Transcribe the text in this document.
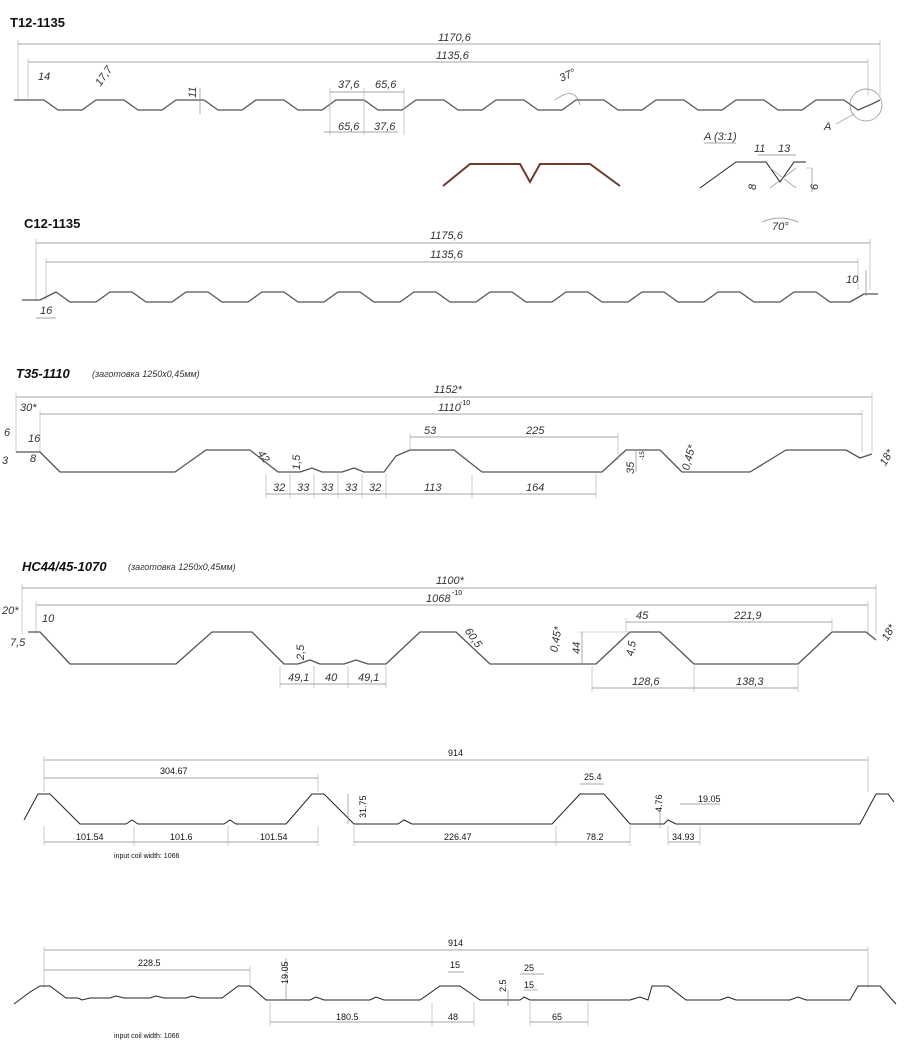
T12-1135
1170,6
1135,6
14	17,7
11
37,6 65,6
65,6 37,6
37°
A
A (3:1)
11 13
8	6
70°
C12-1135
1175,6
1135,6
10
16
T35-1110 (заготовка 1250х0,45мм)
1152*
1110 -10
30*
6 16
8
3	42 1,5
53	225
35
-15	0,45*	18*
32 33 33 33 32	113	164
НС44/45-1070 (заготовка 1250х0,45мм)
1100*
1068 -10
20*
10
7,5	60,5
2,5	0,45* 44
45	221,9
4,5
18*
49,1 40 49,1	128,6	138,3
914
304.67
25.4
31.75	4.76	19.05
101.54	101.6	101.54	226.47	78.2	34.93
input coil width: 1066
914
228.5	19.05	15
2.5
25
15
180.5	48	65
input coil width: 1066
